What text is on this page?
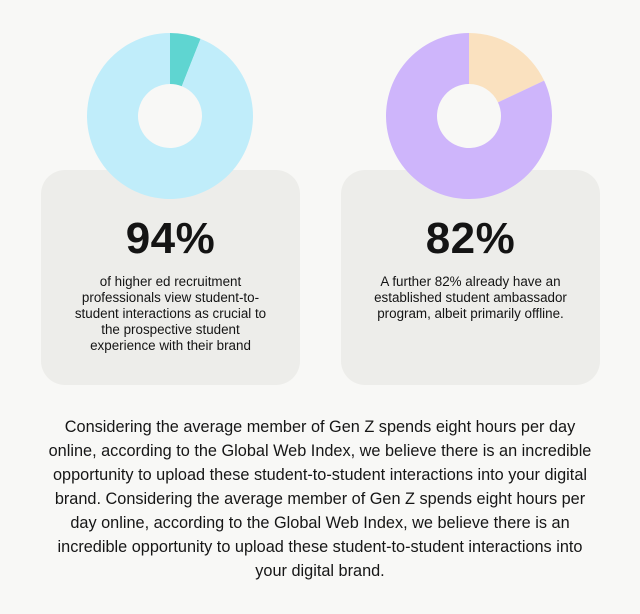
94%
of higher ed recruitment professionals view student-to-student interactions as crucial to the prospective student experience with their brand
82%
A further 82% already have an established student ambassador program, albeit primarily offline.
Considering the average member of Gen Z spends eight hours per day online, according to the Global Web Index, we believe there is an incredible opportunity to upload these student-to-student interactions into your digital brand. Considering the average member of Gen Z spends eight hours per day online, according to the Global Web Index, we believe there is an incredible opportunity to upload these student-to-student interactions into your digital brand.
